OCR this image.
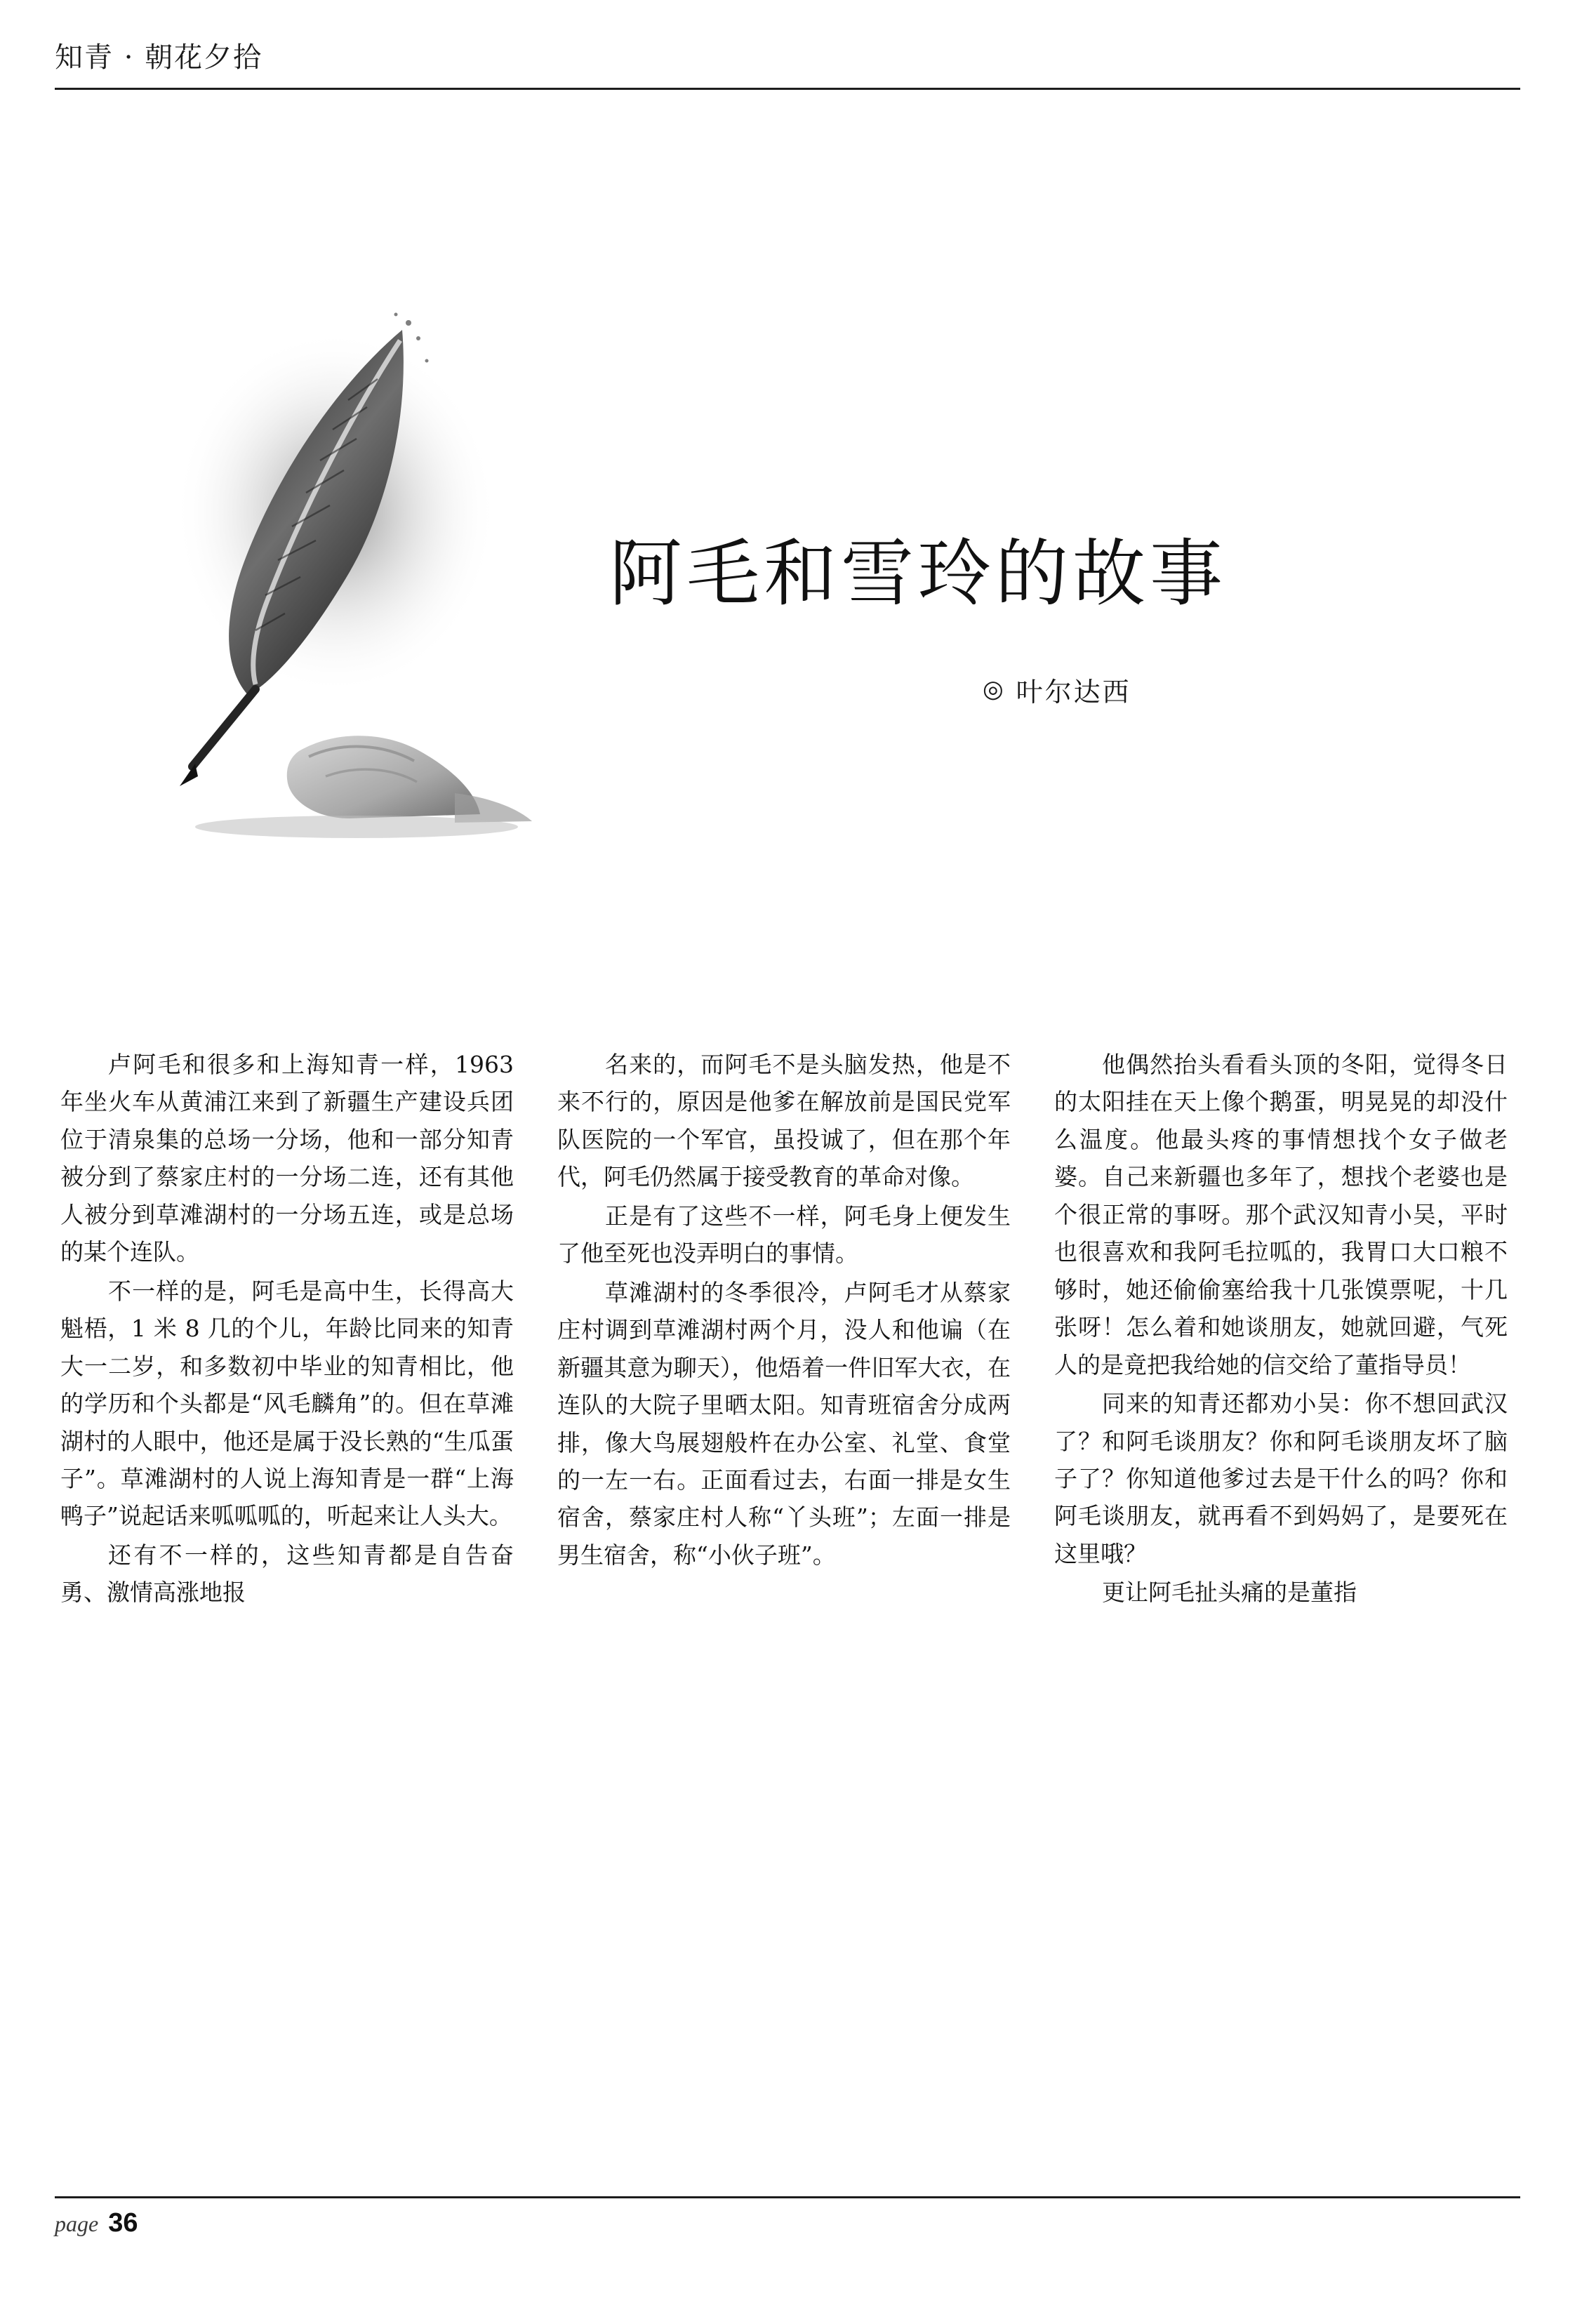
知青 · 朝花夕拾
阿毛和雪玲的故事
◎ 叶尔达西

卢阿毛和很多和上海知青一样，1963 年坐火车从黄浦江来到了新疆生产建设兵团位于清泉集的总场一分场，他和一部分知青被分到了蔡家庄村的一分场二连，还有其他人被分到草滩湖村的一分场五连，或是总场的某个连队。

不一样的是，阿毛是高中生，长得高大魁梧，1 米 8 几的个儿，年龄比同来的知青大一二岁，和多数初中毕业的知青相比，他的学历和个头都是“风毛麟角”的。但在草滩湖村的人眼中，他还是属于没长熟的“生瓜蛋子”。草滩湖村的人说上海知青是一群“上海鸭子”说起话来呱呱呱的，听起来让人头大。

还有不一样的，这些知青都是自告奋勇、激情高涨地报

名来的，而阿毛不是头脑发热，他是不来不行的，原因是他爹在解放前是国民党军队医院的一个军官，虽投诚了，但在那个年代，阿毛仍然属于接受教育的革命对像。

正是有了这些不一样，阿毛身上便发生了他至死也没弄明白的事情。

草滩湖村的冬季很冷，卢阿毛才从蔡家庄村调到草滩湖村两个月，没人和他谝（在新疆其意为聊天），他焐着一件旧军大衣，在连队的大院子里晒太阳。知青班宿舍分成两排，像大鸟展翅般杵在办公室、礼堂、食堂的一左一右。正面看过去，右面一排是女生宿舍，蔡家庄村人称“丫头班”；左面一排是男生宿舍，称“小伙子班”。

他偶然抬头看看头顶的冬阳，觉得冬日的太阳挂在天上像个鹅蛋，明晃晃的却没什么温度。他最头疼的事情想找个女子做老婆。自己来新疆也多年了，想找个老婆也是个很正常的事呀。那个武汉知青小吴，平时也很喜欢和我阿毛拉呱的，我胃口大口粮不够时，她还偷偷塞给我十几张馍票呢，十几张呀！怎么着和她谈朋友，她就回避，气死人的是竟把我给她的信交给了董指导员！

同来的知青还都劝小吴：你不想回武汉了？和阿毛谈朋友？你和阿毛谈朋友坏了脑子了？你知道他爹过去是干什么的吗？你和阿毛谈朋友，就再看不到妈妈了，是要死在这里哦？

更让阿毛扯头痛的是董指

page 36
